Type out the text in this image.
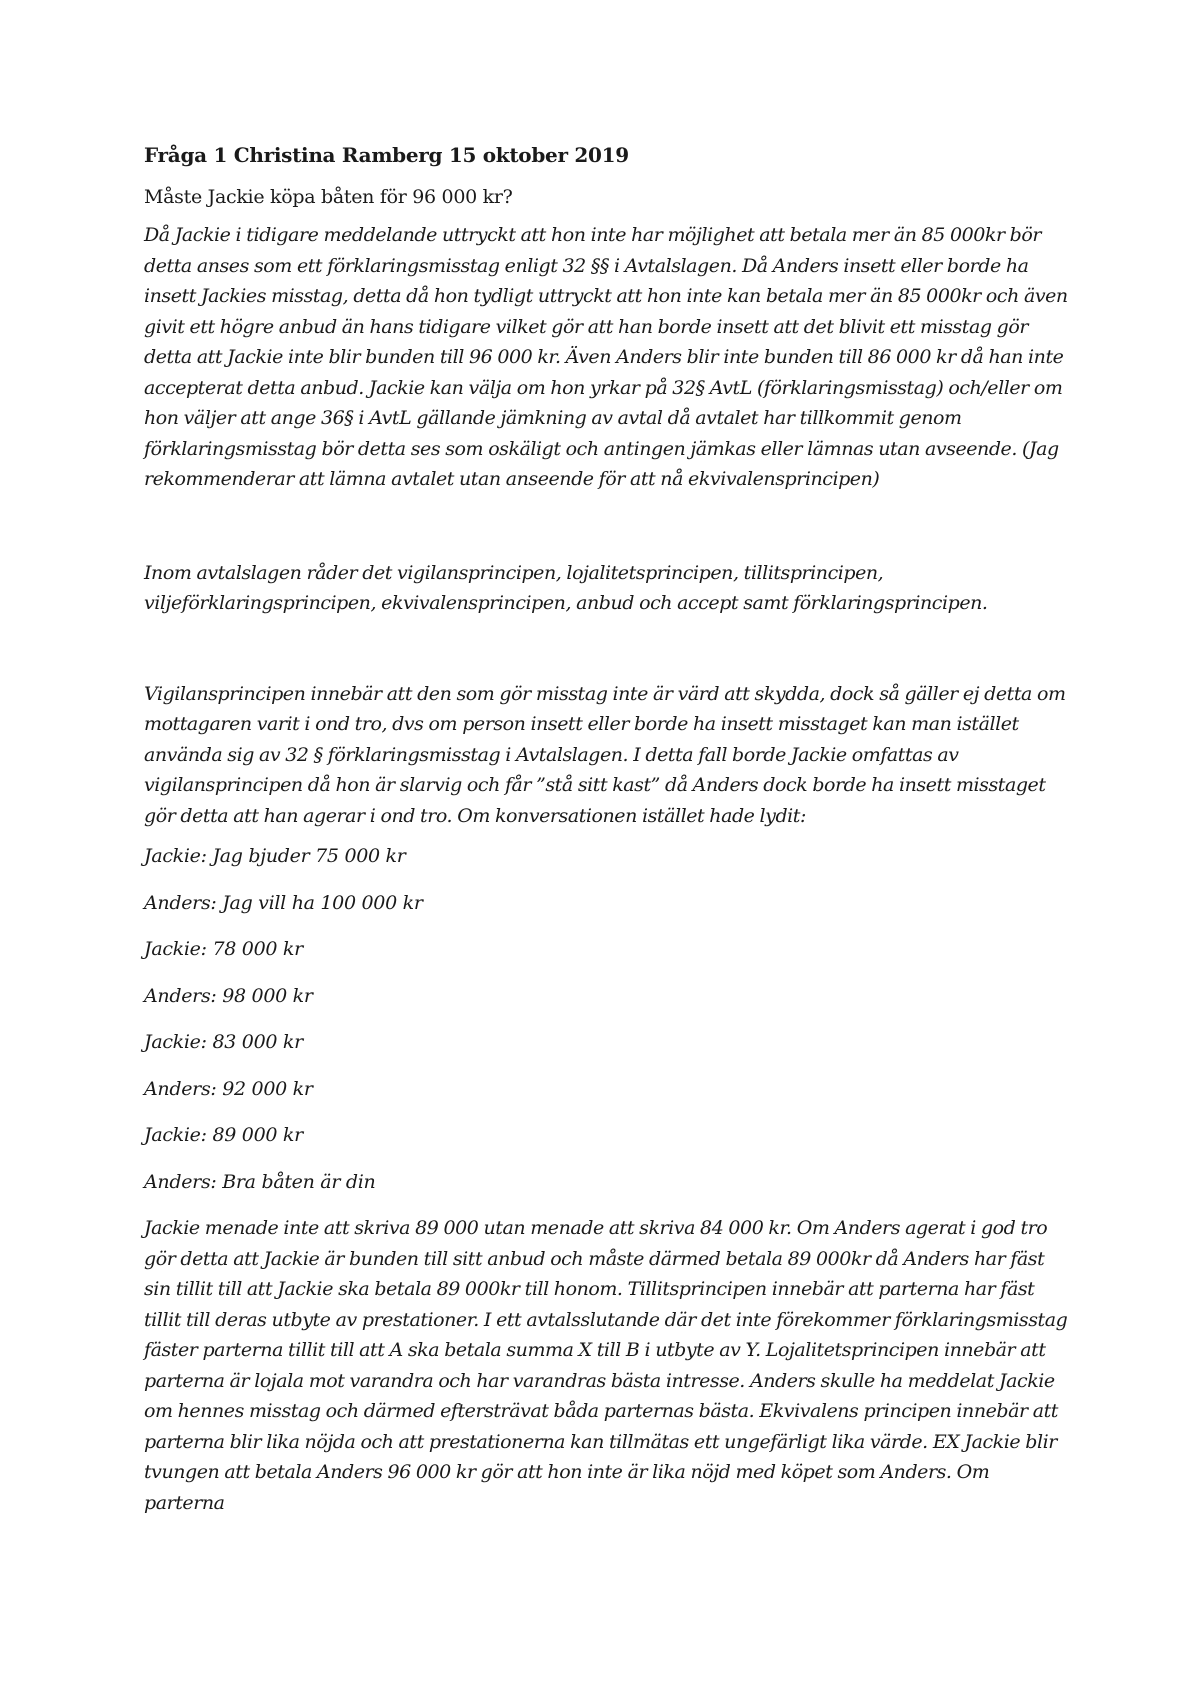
Fråga 1 Christina Ramberg 15 oktober 2019

Måste Jackie köpa båten för 96 000 kr?

Då Jackie i tidigare meddelande uttryckt att hon inte har möjlighet att betala mer än 85 000kr bör detta anses som ett förklaringsmisstag enligt 32 §§ i Avtalslagen. Då Anders insett eller borde ha insett Jackies misstag, detta då hon tydligt uttryckt att hon inte kan betala mer än 85 000kr och även givit ett högre anbud än hans tidigare vilket gör att han borde insett att det blivit ett misstag gör detta att Jackie inte blir bunden till 96 000 kr. Även Anders blir inte bunden till 86 000 kr då han inte accepterat detta anbud. Jackie kan välja om hon yrkar på 32§ AvtL (förklaringsmisstag) och/eller om hon väljer att ange 36§ i AvtL gällande jämkning av avtal då avtalet har tillkommit genom förklaringsmisstag bör detta ses som oskäligt och antingen jämkas eller lämnas utan avseende. (Jag rekommenderar att lämna avtalet utan anseende för att nå ekvivalensprincipen)

Inom avtalslagen råder det vigilansprincipen, lojalitetsprincipen, tillitsprincipen, viljeförklaringsprincipen, ekvivalensprincipen, anbud och accept samt förklaringsprincipen.

Vigilansprincipen innebär att den som gör misstag inte är värd att skydda, dock så gäller ej detta om mottagaren varit i ond tro, dvs om person insett eller borde ha insett misstaget kan man istället använda sig av 32 § förklaringsmisstag i Avtalslagen. I detta fall borde Jackie omfattas av vigilansprincipen då hon är slarvig och får ”stå sitt kast” då Anders dock borde ha insett misstaget gör detta att han agerar i ond tro. Om konversationen istället hade lydit:

Jackie: Jag bjuder 75 000 kr

Anders: Jag vill ha 100 000 kr

Jackie: 78 000 kr

Anders: 98 000 kr

Jackie: 83 000 kr

Anders: 92 000 kr

Jackie: 89 000 kr

Anders: Bra båten är din

Jackie menade inte att skriva 89 000 utan menade att skriva 84 000 kr. Om Anders agerat i god tro gör detta att Jackie är bunden till sitt anbud och måste därmed betala 89 000kr då Anders har fäst sin tillit till att Jackie ska betala 89 000kr till honom. Tillitsprincipen innebär att parterna har fäst tillit till deras utbyte av prestationer. I ett avtalsslutande där det inte förekommer förklaringsmisstag fäster parterna tillit till att A ska betala summa X till B i utbyte av Y. Lojalitetsprincipen innebär att parterna är lojala mot varandra och har varandras bästa intresse. Anders skulle ha meddelat Jackie om hennes misstag och därmed eftersträvat båda parternas bästa. Ekvivalens principen innebär att parterna blir lika nöjda och att prestationerna kan tillmätas ett ungefärligt lika värde. EX Jackie blir tvungen att betala Anders 96 000 kr gör att hon inte är lika nöjd med köpet som Anders. Om parterna
